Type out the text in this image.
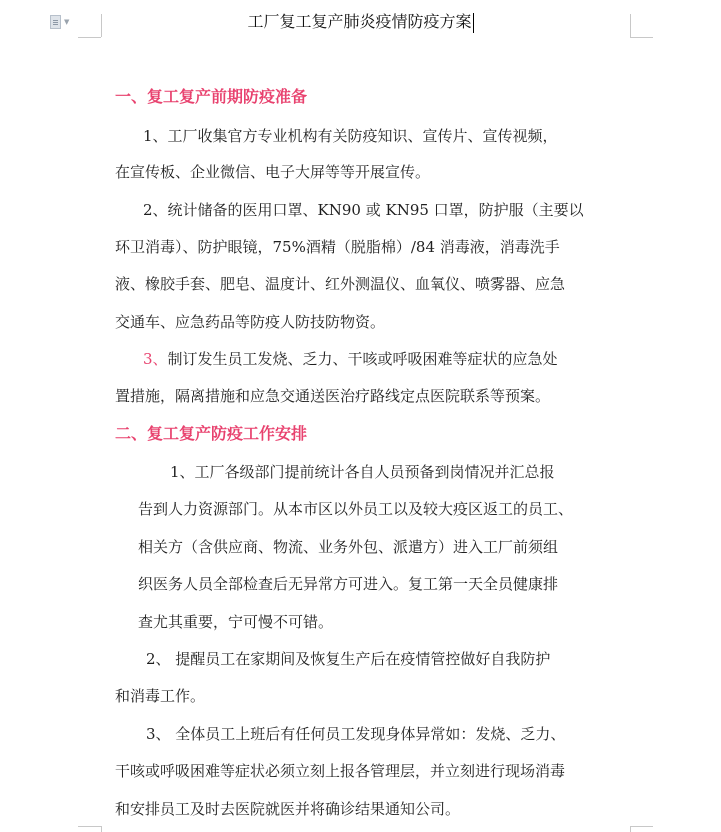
▼	工厂复工复产肺炎疫情防疫方案
一、复工复产前期防疫准备
1、工厂收集官方专业机构有关防疫知识、宣传片、宣传视频，
在宣传板、企业微信、电子大屏等等开展宣传。
2、统计储备的医用口罩、KN90 或 KN95 口罩，防护服（主要以
环卫消毒）、防护眼镜，75%酒精（脱脂棉）/84 消毒液，消毒洗手
液、橡胶手套、肥皂、温度计、红外测温仪、血氧仪、喷雾器、应急
交通车、应急药品等防疫人防技防物资。
3、制订发生员工发烧、乏力、干咳或呼吸困难等症状的应急处
置措施，隔离措施和应急交通送医治疗路线定点医院联系等预案。
二、复工复产防疫工作安排
1、工厂各级部门提前统计各自人员预备到岗情况并汇总报
告到人力资源部门。从本市区以外员工以及较大疫区返工的员工、
相关方（含供应商、物流、业务外包、派遣方）进入工厂前须组
织医务人员全部检查后无异常方可进入。复工第一天全员健康排
查尤其重要，宁可慢不可错。
2、 提醒员工在家期间及恢复生产后在疫情管控做好自我防护
和消毒工作。
3、 全体员工上班后有任何员工发现身体异常如：发烧、乏力、
干咳或呼吸困难等症状必须立刻上报各管理层，并立刻进行现场消毒
和安排员工及时去医院就医并将确诊结果通知公司。
